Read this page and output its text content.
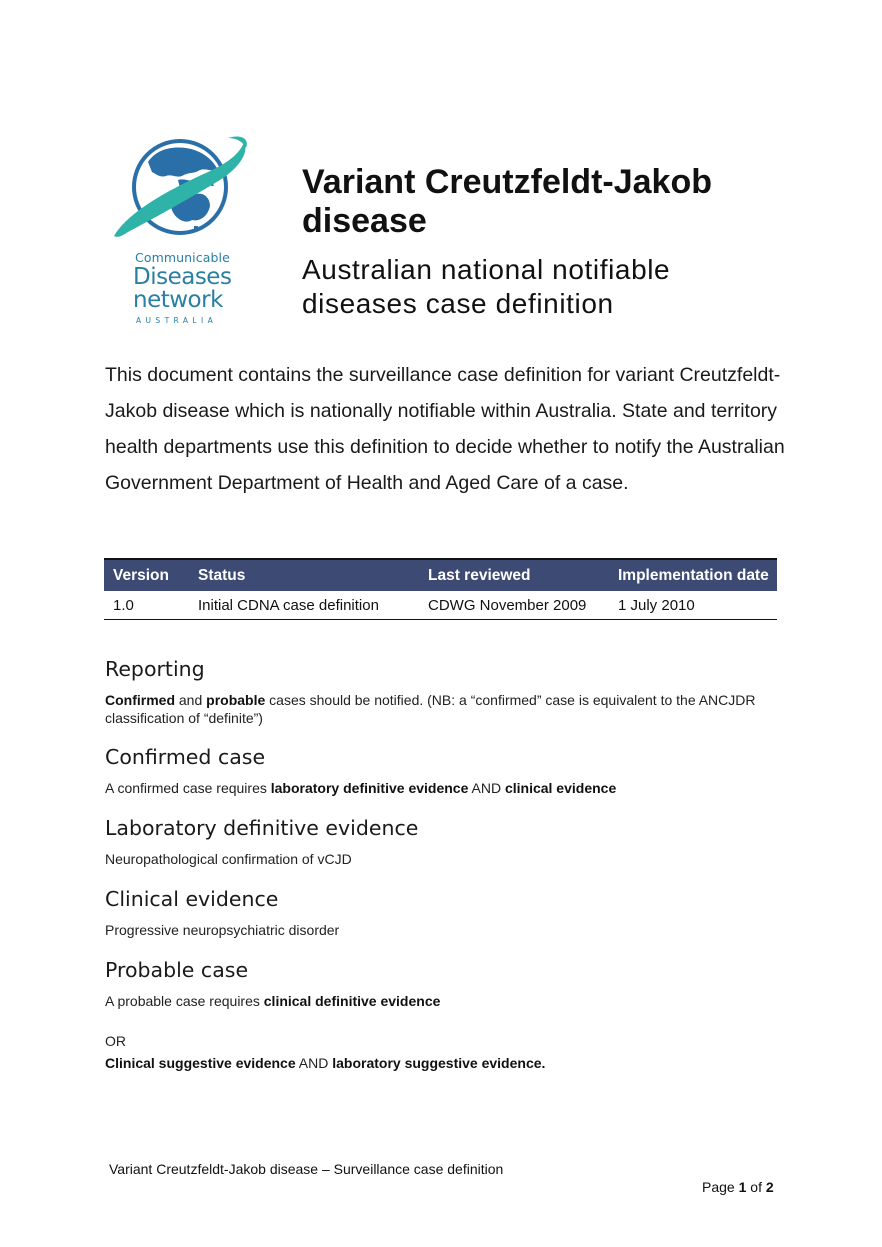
Communicable
Diseases
network
AUSTRALIA
Variant Creutzfeldt-Jakob disease
Australian national notifiable diseases case definition
This document contains the surveillance case definition for variant Creutzfeldt-Jakob disease which is nationally notifiable within Australia. State and territory health departments use this definition to decide whether to notify the Australian Government Department of Health and Aged Care of a case.
Version	Status	Last reviewed	Implementation date
1.0	Initial CDNA case definition	CDWG November 2009	1 July 2010
Reporting
Confirmed and probable cases should be notified. (NB: a “confirmed” case is equivalent to the ANCJDR classification of “definite”)
Confirmed case
A confirmed case requires laboratory definitive evidence AND clinical evidence
Laboratory definitive evidence
Neuropathological confirmation of vCJD
Clinical evidence
Progressive neuropsychiatric disorder
Probable case
A probable case requires clinical definitive evidence
OR
Clinical suggestive evidence AND laboratory suggestive evidence.
Variant Creutzfeldt-Jakob disease – Surveillance case definition
Page 1 of 2
